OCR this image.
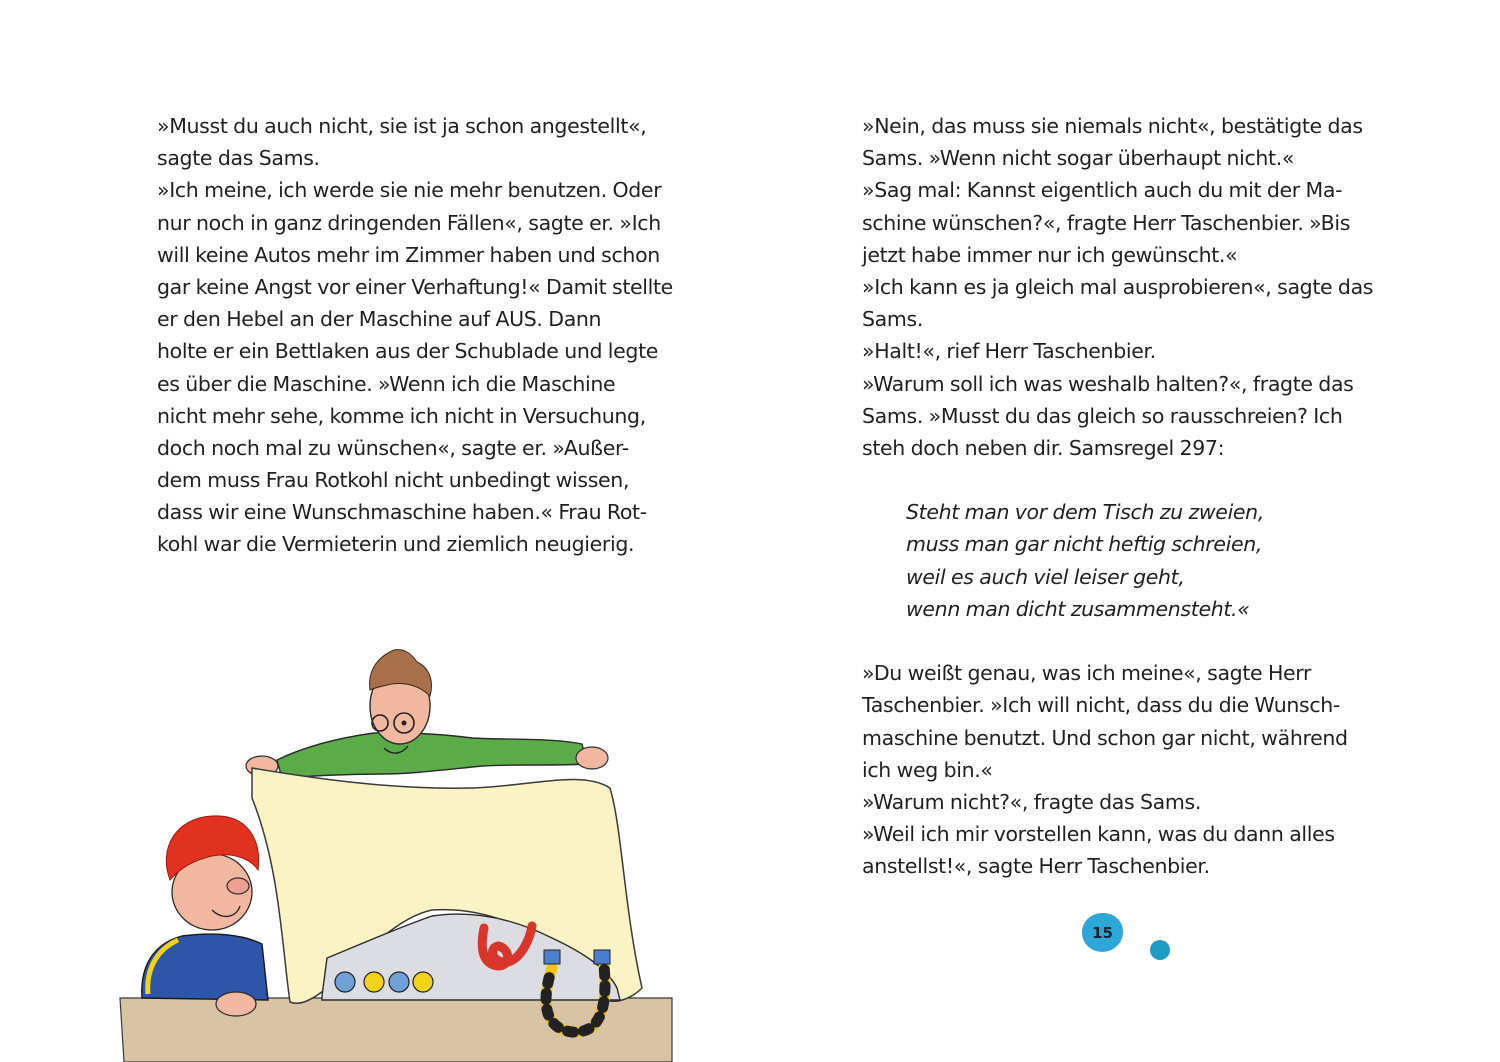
»Musst du auch nicht, sie ist ja schon angestellt«,
sagte das Sams.
»Ich meine, ich werde sie nie mehr benutzen. Oder
nur noch in ganz dringenden Fällen«, sagte er. »Ich
will keine Autos mehr im Zimmer haben und schon
gar keine Angst vor einer Verhaftung!« Damit stellte
er den Hebel an der Maschine auf AUS. Dann
holte er ein Bettlaken aus der Schublade und legte
es über die Maschine. »Wenn ich die Maschine
nicht mehr sehe, komme ich nicht in Versuchung,
doch noch mal zu wünschen«, sagte er. »Außer-
dem muss Frau Rotkohl nicht unbedingt wissen,
dass wir eine Wunschmaschine haben.« Frau Rot-
kohl war die Vermieterin und ziemlich neugierig.
»Nein, das muss sie niemals nicht«, bestätigte das
Sams. »Wenn nicht sogar überhaupt nicht.«
»Sag mal: Kannst eigentlich auch du mit der Ma-
schine wünschen?«, fragte Herr Taschenbier. »Bis
jetzt habe immer nur ich gewünscht.«
»Ich kann es ja gleich mal ausprobieren«, sagte das
Sams.
»Halt!«, rief Herr Taschenbier.
»Warum soll ich was weshalb halten?«, fragte das
Sams. »Musst du das gleich so rausschreien? Ich
steh doch neben dir. Samsregel 297:
Steht man vor dem Tisch zu zweien,
muss man gar nicht heftig schreien,
weil es auch viel leiser geht,
wenn man dicht zusammensteht.«
»Du weißt genau, was ich meine«, sagte Herr
Taschenbier. »Ich will nicht, dass du die Wunsch-
maschine benutzt. Und schon gar nicht, während
ich weg bin.«
»Warum nicht?«, fragte das Sams.
»Weil ich mir vorstellen kann, was du dann alles
anstellst!«, sagte Herr Taschenbier.
15
